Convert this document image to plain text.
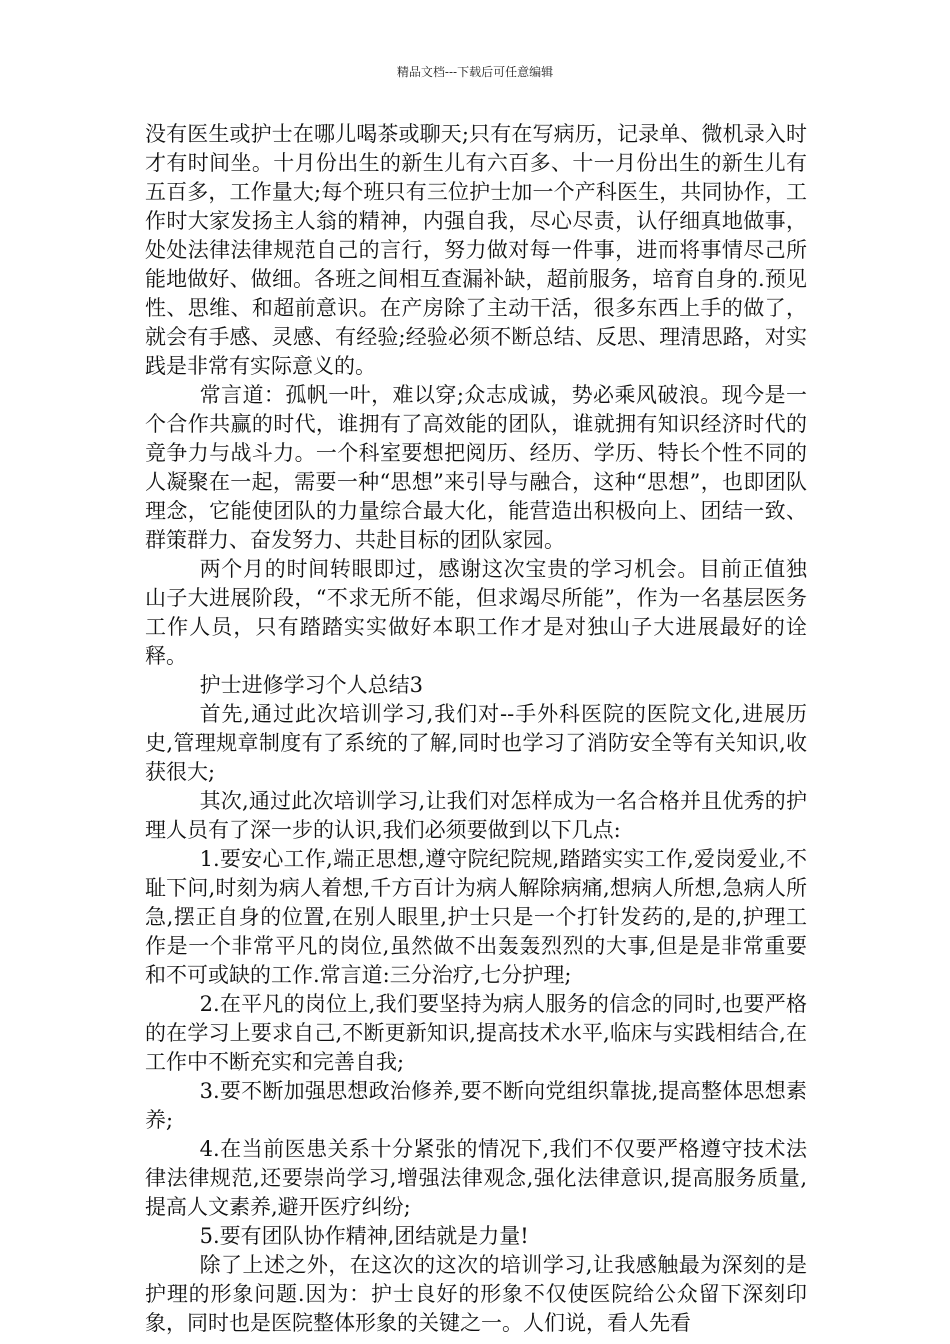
精品文档---下载后可任意编辑

没有医生或护士在哪儿喝茶或聊天;只有在写病历，记录单、微机录入时才有时间坐。十月份出生的新生儿有六百多、十一月份出生的新生儿有五百多，工作量大;每个班只有三位护士加一个产科医生，共同协作，工作时大家发扬主人翁的精神，内强自我，尽心尽责，认仔细真地做事，处处法律法律规范自己的言行，努力做对每一件事，进而将事情尽己所能地做好、做细。各班之间相互查漏补缺，超前服务，培育自身的.预见性、思维、和超前意识。在产房除了主动干活，很多东西上手的做了，就会有手感、灵感、有经验;经验必须不断总结、反思、理清思路，对实践是非常有实际意义的。

常言道：孤帆一叶，难以穿;众志成诚，势必乘风破浪。现今是一个合作共赢的时代，谁拥有了高效能的团队，谁就拥有知识经济时代的竟争力与战斗力。一个科室要想把阅历、经历、学历、特长个性不同的人凝聚在一起，需要一种“思想”来引导与融合，这种“思想”，也即团队理念，它能使团队的力量综合最大化，能营造出积极向上、团结一致、群策群力、奋发努力、共赴目标的团队家园。

两个月的时间转眼即过，感谢这次宝贵的学习机会。目前正值独山子大进展阶段，“不求无所不能，但求竭尽所能”，作为一名基层医务工作人员，只有踏踏实实做好本职工作才是对独山子大进展最好的诠释。

护士进修学习个人总结3

首先,通过此次培训学习,我们对--手外科医院的医院文化,进展历史,管理规章制度有了系统的了解,同时也学习了消防安全等有关知识,收获很大;

其次,通过此次培训学习,让我们对怎样成为一名合格并且优秀的护理人员有了深一步的认识,我们必须要做到以下几点:

1.要安心工作,端正思想,遵守院纪院规,踏踏实实工作,爱岗爱业,不耻下问,时刻为病人着想,千方百计为病人解除病痛,想病人所想,急病人所急,摆正自身的位置,在别人眼里,护士只是一个打针发药的,是的,护理工作是一个非常平凡的岗位,虽然做不出轰轰烈烈的大事,但是是非常重要和不可或缺的工作.常言道:三分治疗,七分护理;

2.在平凡的岗位上,我们要坚持为病人服务的信念的同时,也要严格的在学习上要求自己,不断更新知识,提高技术水平,临床与实践相结合,在工作中不断充实和完善自我;

3.要不断加强思想政治修养,要不断向党组织靠拢,提高整体思想素养;

4.在当前医患关系十分紧张的情况下,我们不仅要严格遵守技术法律法律规范,还要崇尚学习,增强法律观念,强化法律意识,提高服务质量,提高人文素养,避开医疗纠纷;

5.要有团队协作精神,团结就是力量!

除了上述之外，在这次的这次的培训学习,让我感触最为深刻的是护理的形象问题.因为：护士良好的形象不仅使医院给公众留下深刻印象，同时也是医院整体形象的关键之一。人们说，看人先看
